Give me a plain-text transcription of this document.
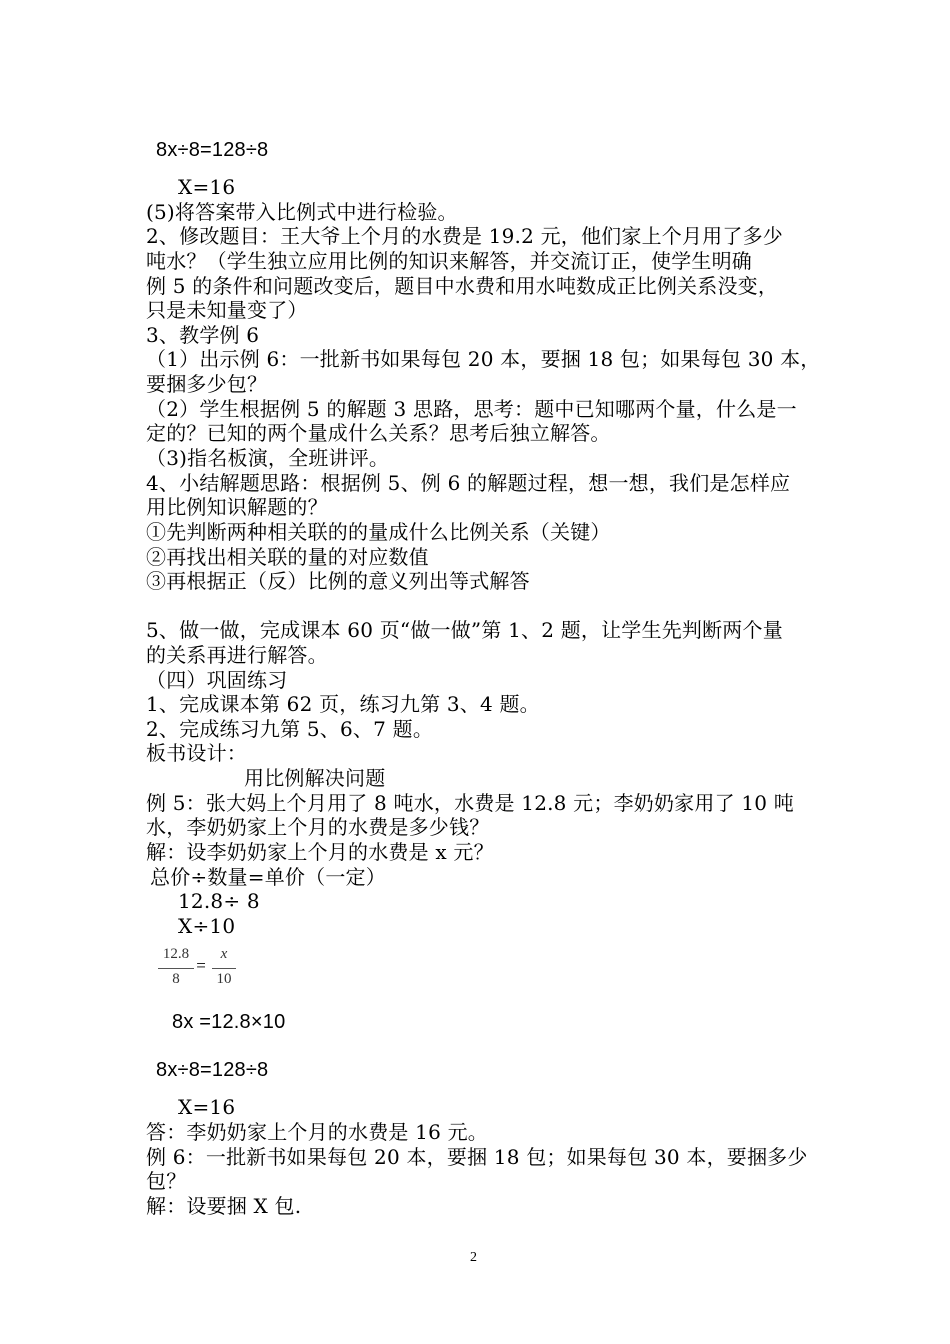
8x÷8=128÷8
X=16
(5)将答案带入比例式中进行检验。
2、修改题目：王大爷上个月的水费是 19.2 元，他们家上个月用了多少
吨水？（学生独立应用比例的知识来解答，并交流订正，使学生明确
例 5 的条件和问题改变后，题目中水费和用水吨数成正比例关系没变，
只是未知量变了）
3、教学例 6
（1）出示例 6：一批新书如果每包 20 本，要捆 18 包；如果每包 30 本，
要捆多少包？
（2）学生根据例 5 的解题 3 思路，思考：题中已知哪两个量，什么是一
定的？已知的两个量成什么关系？思考后独立解答。
（3)指名板演，全班讲评。
4、小结解题思路：根据例 5、例 6 的解题过程，想一想，我们是怎样应
用比例知识解题的？
①先判断两种相关联的的量成什么比例关系（关键）
②再找出相关联的量的对应数值
③再根据正（反）比例的意义列出等式解答
5、做一做，完成课本 60 页“做一做”第 1、2 题，让学生先判断两个量
的关系再进行解答。
（四）巩固练习
1、完成课本第 62 页，练习九第 3、4 题。
2、完成练习九第 5、6、7 题。
板书设计：
用比例解决问题
例 5：张大妈上个月用了 8 吨水，水费是 12.8 元；李奶奶家用了 10 吨
水，李奶奶家上个月的水费是多少钱？
解：设李奶奶家上个月的水费是 x 元？
总价÷数量=单价（一定）
12.8÷ 8
X÷10
12.8
8
=
x
10
8x =12.8×10
8x÷8=128÷8
X=16
答：李奶奶家上个月的水费是 16 元。
例 6：一批新书如果每包 20 本，要捆 18 包；如果每包 30 本，要捆多少
包？
解：设要捆 X 包.
2
